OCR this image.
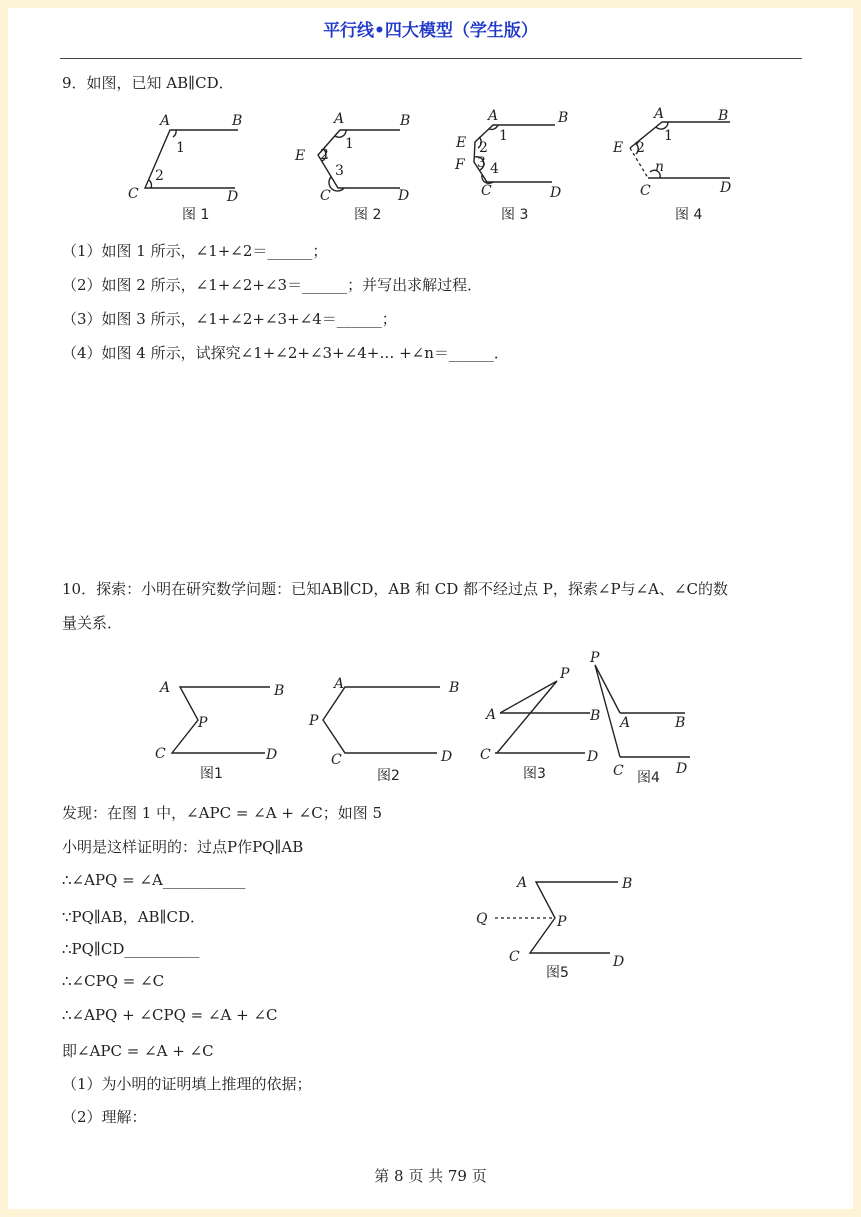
平行线•四大模型（学生版）
9．如图，已知 AB∥CD．
A	B
C	D
1
2
A	B
E
C	D
1
2
3
A	B
E
F
C	D
1
2
3 4
A	B
E
C	D
1
2
n
图 1	图 2	图 3	图 4
（1）如图 1 所示，∠1+∠2＝______；
（2）如图 2 所示，∠1+∠2+∠3＝______；并写出求解过程．
（3）如图 3 所示，∠1+∠2+∠3+∠4＝______；
（4）如图 4 所示，试探究∠1+∠2+∠3+∠4+… +∠n＝______．
10．探索：小明在研究数学问题：已知AB∥CD，AB 和 CD 都不经过点 P，探索∠P与∠A、∠C的数
量关系．
A	B
P
C	D
A	B
P
C	D
P
A	B
C	D
P
A	B
C	D
图1	图2	图3	图4
发现：在图 1 中，∠APC = ∠A + ∠C；如图 5
小明是这样证明的：过点P作PQ∥AB
∴∠APQ = ∠A___________
∵PQ∥AB，AB∥CD．
∴PQ∥CD__________
∴∠CPQ = ∠C
∴∠APQ + ∠CPQ = ∠A + ∠C
即∠APC = ∠A + ∠C
（1）为小明的证明填上推理的依据；
（2）理解：
A	B
Q	P
C	D
图5
第 8 页 共 79 页
